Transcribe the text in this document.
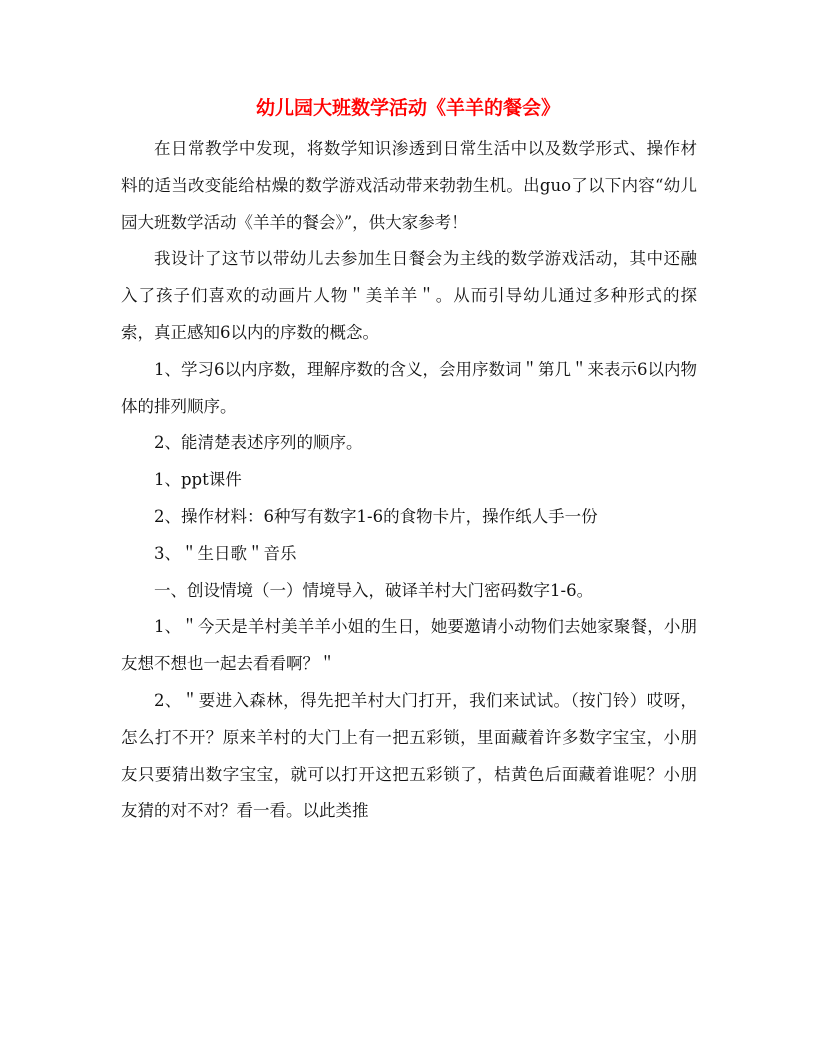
幼儿园大班数学活动《羊羊的餐会》

在日常教学中发现，将数学知识渗透到日常生活中以及数学形式、操作材料的适当改变能给枯燥的数学游戏活动带来勃勃生机。出guo了以下内容“幼儿园大班数学活动《羊羊的餐会》”，供大家参考！

我设计了这节以带幼儿去参加生日餐会为主线的数学游戏活动，其中还融入了孩子们喜欢的动画片人物＂美羊羊＂。从而引导幼儿通过多种形式的探索，真正感知6以内的序数的概念。

1、学习6以内序数，理解序数的含义，会用序数词＂第几＂来表示6以内物体的排列顺序。

2、能清楚表述序列的顺序。

1、ppt课件

2、操作材料：6种写有数字1-6的食物卡片，操作纸人手一份

3、＂生日歌＂音乐

一、创设情境（一）情境导入，破译羊村大门密码数字1-6。

1、＂今天是羊村美羊羊小姐的生日，她要邀请小动物们去她家聚餐，小朋友想不想也一起去看看啊？＂

2、＂要进入森林，得先把羊村大门打开，我们来试试。（按门铃）哎呀，怎么打不开？原来羊村的大门上有一把五彩锁，里面藏着许多数字宝宝，小朋友只要猜出数字宝宝，就可以打开这把五彩锁了，桔黄色后面藏着谁呢？小朋友猜的对不对？看一看。以此类推
